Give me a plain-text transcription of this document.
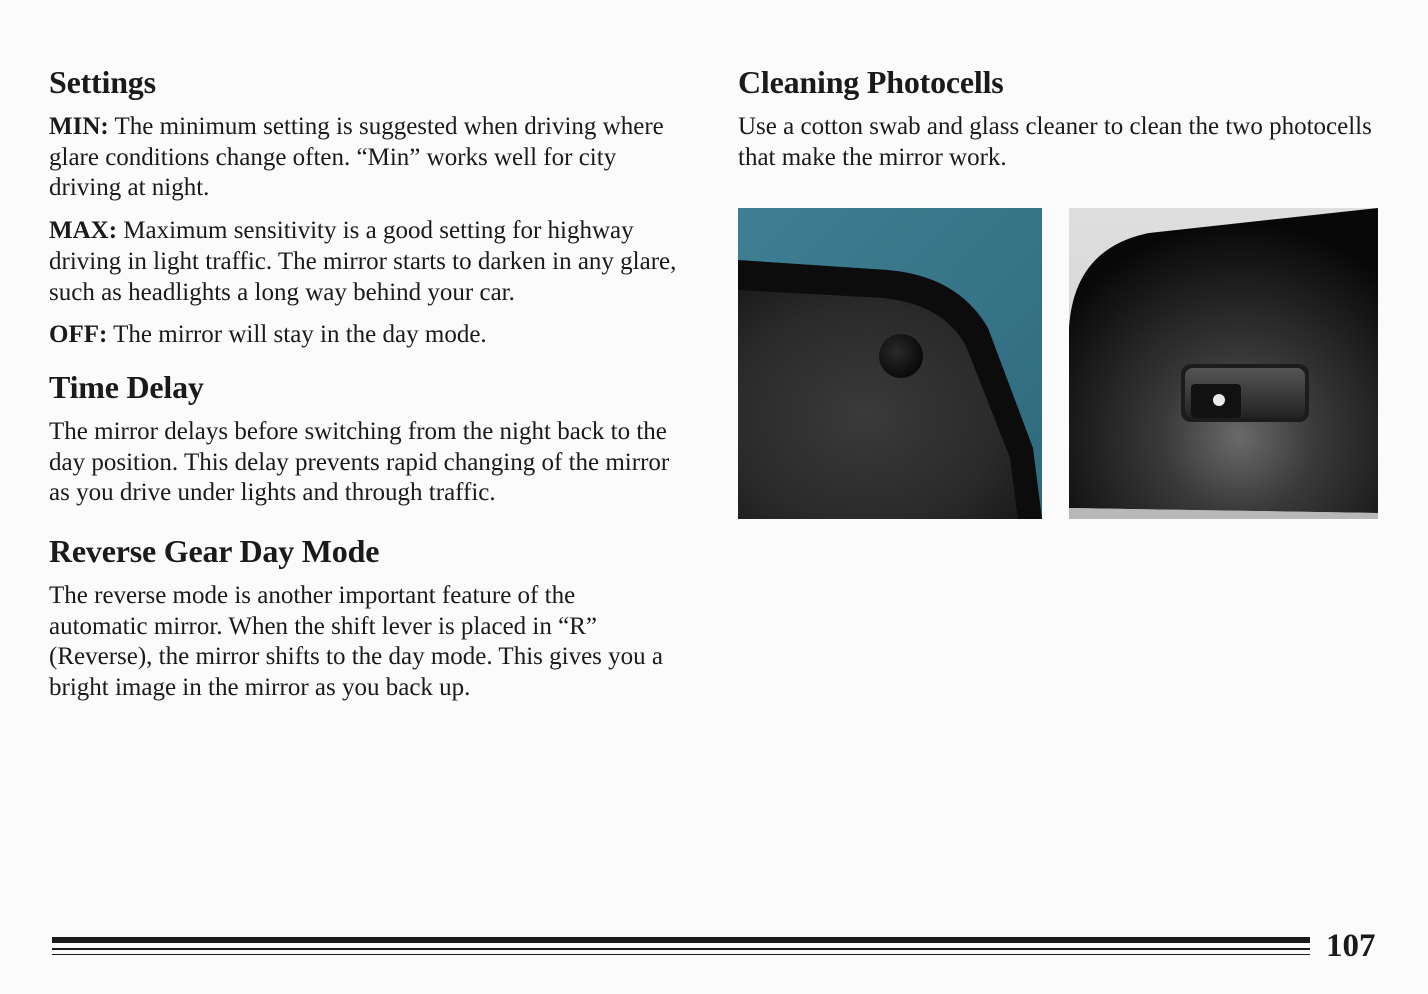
Settings

MIN: The minimum setting is suggested when driving where glare conditions change often. “Min” works well for city driving at night.

MAX: Maximum sensitivity is a good setting for highway driving in light traffic. The mirror starts to darken in any glare, such as headlights a long way behind your car.

OFF: The mirror will stay in the day mode.

Time Delay

The mirror delays before switching from the night back to the day position. This delay prevents rapid changing of the mirror as you drive under lights and through traffic.

Reverse Gear Day Mode

The reverse mode is another important feature of the automatic mirror. When the shift lever is placed in “R” (Reverse), the mirror shifts to the day mode. This gives you a bright image in the mirror as you back up.

Cleaning Photocells

Use a cotton swab and glass cleaner to clean the two photocells that make the mirror work.

107
